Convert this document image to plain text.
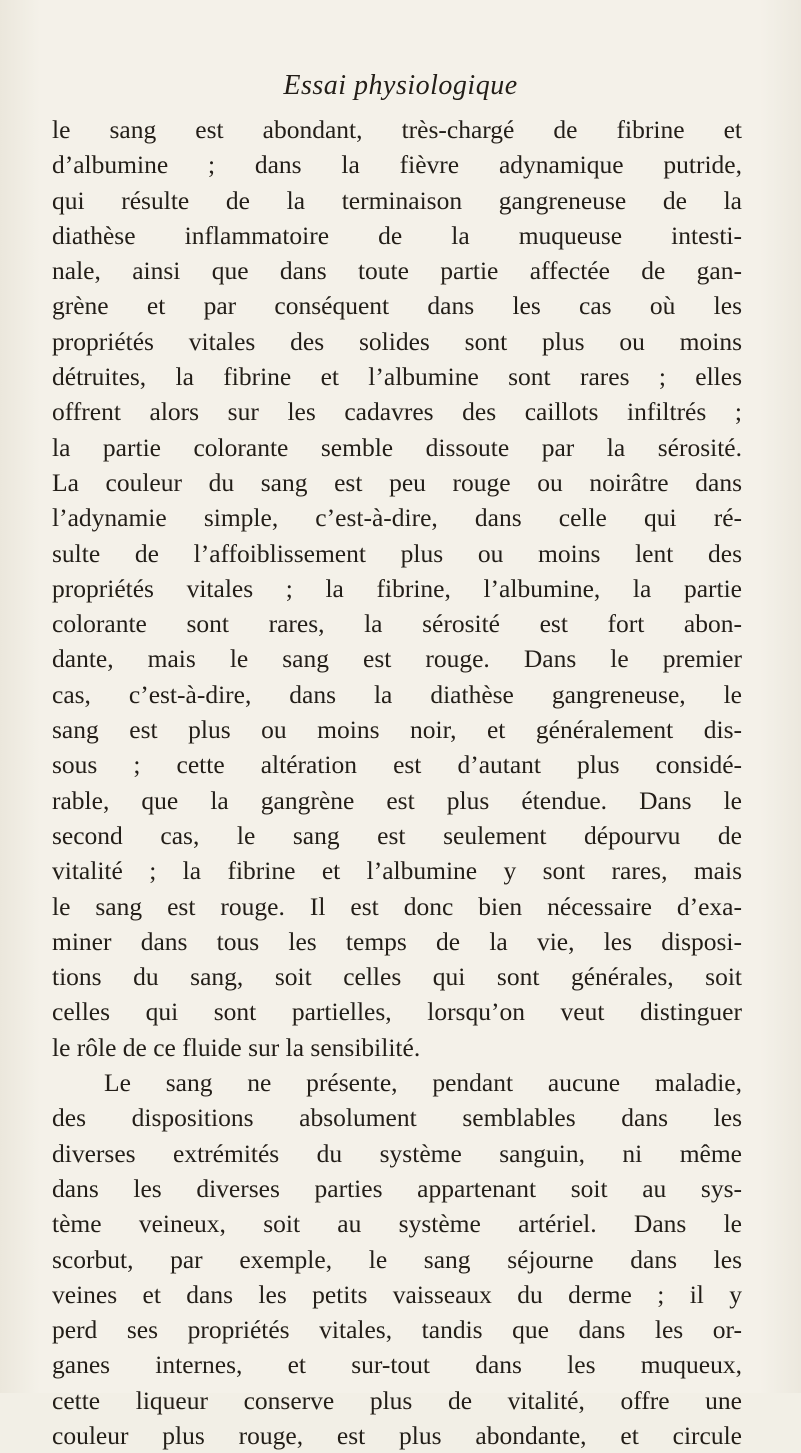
Essai physiologique
le sang est abondant, très-chargé de fibrine et
d’albumine ; dans la fièvre adynamique putride,
qui résulte de la terminaison gangreneuse de la
diathèse inflammatoire de la muqueuse intesti-
nale, ainsi que dans toute partie affectée de gan-
grène et par conséquent dans les cas où les
propriétés vitales des solides sont plus ou moins
détruites, la fibrine et l’albumine sont rares ; elles
offrent alors sur les cadavres des caillots infiltrés ;
la partie colorante semble dissoute par la sérosité.
La couleur du sang est peu rouge ou noirâtre dans
l’adynamie simple, c’est-à-dire, dans celle qui ré-
sulte de l’affoiblissement plus ou moins lent des
propriétés vitales ; la fibrine, l’albumine, la partie
colorante sont rares, la sérosité est fort abon-
dante, mais le sang est rouge. Dans le premier
cas, c’est-à-dire, dans la diathèse gangreneuse, le
sang est plus ou moins noir, et généralement dis-
sous ; cette altération est d’autant plus considé-
rable, que la gangrène est plus étendue. Dans le
second cas, le sang est seulement dépourvu de
vitalité ; la fibrine et l’albumine y sont rares, mais
le sang est rouge. Il est donc bien nécessaire d’exa-
miner dans tous les temps de la vie, les disposi-
tions du sang, soit celles qui sont générales, soit
celles qui sont partielles, lorsqu’on veut distinguer
le rôle de ce fluide sur la sensibilité.
Le sang ne présente, pendant aucune maladie,
des dispositions absolument semblables dans les
diverses extrémités du système sanguin, ni même
dans les diverses parties appartenant soit au sys-
tème veineux, soit au système artériel. Dans le
scorbut, par exemple, le sang séjourne dans les
veines et dans les petits vaisseaux du derme ; il y
perd ses propriétés vitales, tandis que dans les or-
ganes internes, et sur-tout dans les muqueux,
cette liqueur conserve plus de vitalité, offre une
couleur plus rouge, est plus abondante, et circule
